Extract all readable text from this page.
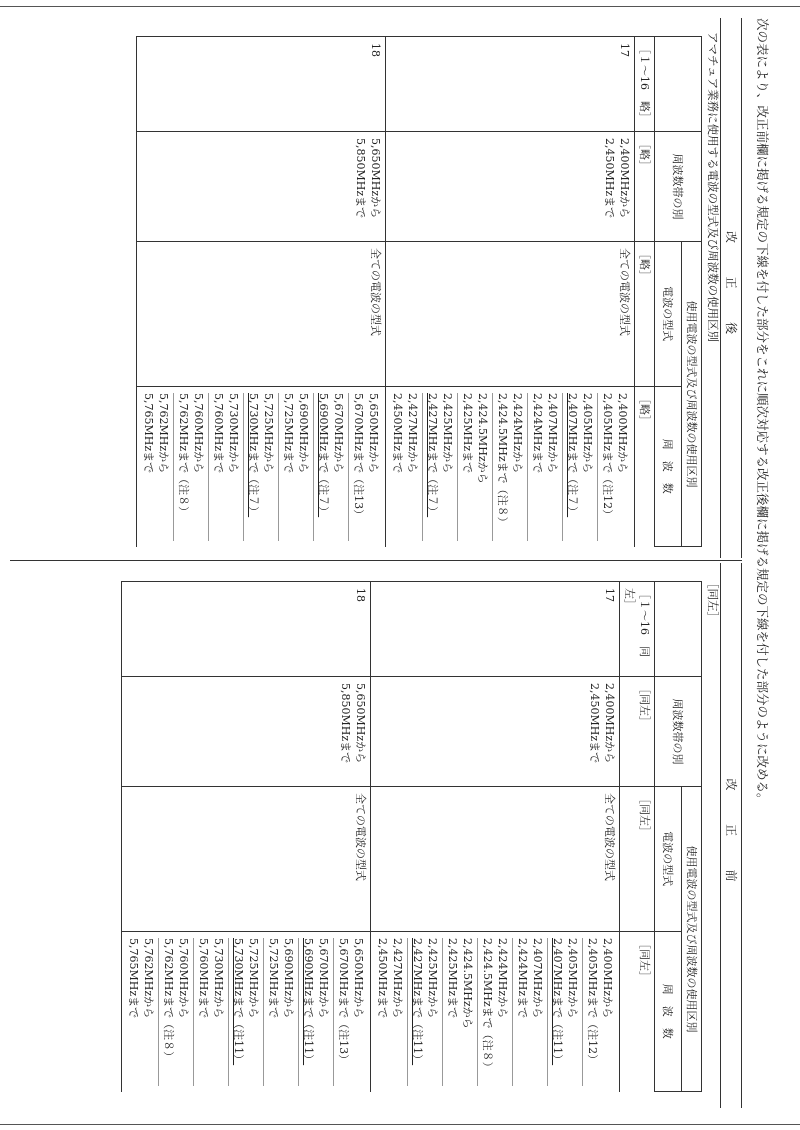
次の表により、改正前欄に掲げる規定の下線を付した部分をこれに順次対応する改正後欄に掲げる規定の下線を付した部分のように改める。
改　正　後
改　正　前
アマチュア業務に使用する電波の型式及び周波数の使用区別
周波数帯の別
使用電波の型式及び周波数の使用区別
電波の型式
周　波　数
［１～16　略］
［略］
［略］
［略］
17
2,400MHzから
2,450MHzまで
全ての電波の型式
2,400MHzから
2,405MHzまで（注12）
2,405MHzから
2,407MHzまで（注７）
2,407MHzから
2,424MHzまで
2,424MHzから
2,424.5MHzまで（注８）
2,424.5MHzから
2,425MHzまで
2,425MHzから
2,427MHzまで（注７）
2,427MHzから
2,450MHzまで
18
5,650MHzから
5,850MHzまで
全ての電波の型式
5,650MHzから
5,670MHzまで（注13）
5,670MHzから
5,690MHzまで（注７）
5,690MHzから
5,725MHzまで
5,725MHzから
5,730MHzまで（注７）
5,730MHzから
5,760MHzまで
5,760MHzから
5,762MHzまで（注８）
5,762MHzから
5,765MHzまで
［同左］
周波数帯の別
使用電波の型式及び周波数の使用区別
電波の型式
周　波　数
［１～16　同左］
［同左］
［同左］
［同左］
17
2,400MHzから
2,450MHzまで
全ての電波の型式
2,400MHzから
2,405MHzまで（注12）
2,405MHzから
2,407MHzまで（注11）
2,407MHzから
2,424MHzまで
2,424MHzから
2,424.5MHzまで（注８）
2,424.5MHzから
2,425MHzまで
2,425MHzから
2,427MHzまで（注11）
2,427MHzから
2,450MHzまで
18
5,650MHzから
5,850MHzまで
全ての電波の型式
5,650MHzから
5,670MHzまで（注13）
5,670MHzから
5,690MHzまで（注11）
5,690MHzから
5,725MHzまで
5,725MHzから
5,730MHzまで（注11）
5,730MHzから
5,760MHzまで
5,760MHzから
5,762MHzまで（注８）
5,762MHzから
5,765MHzまで
